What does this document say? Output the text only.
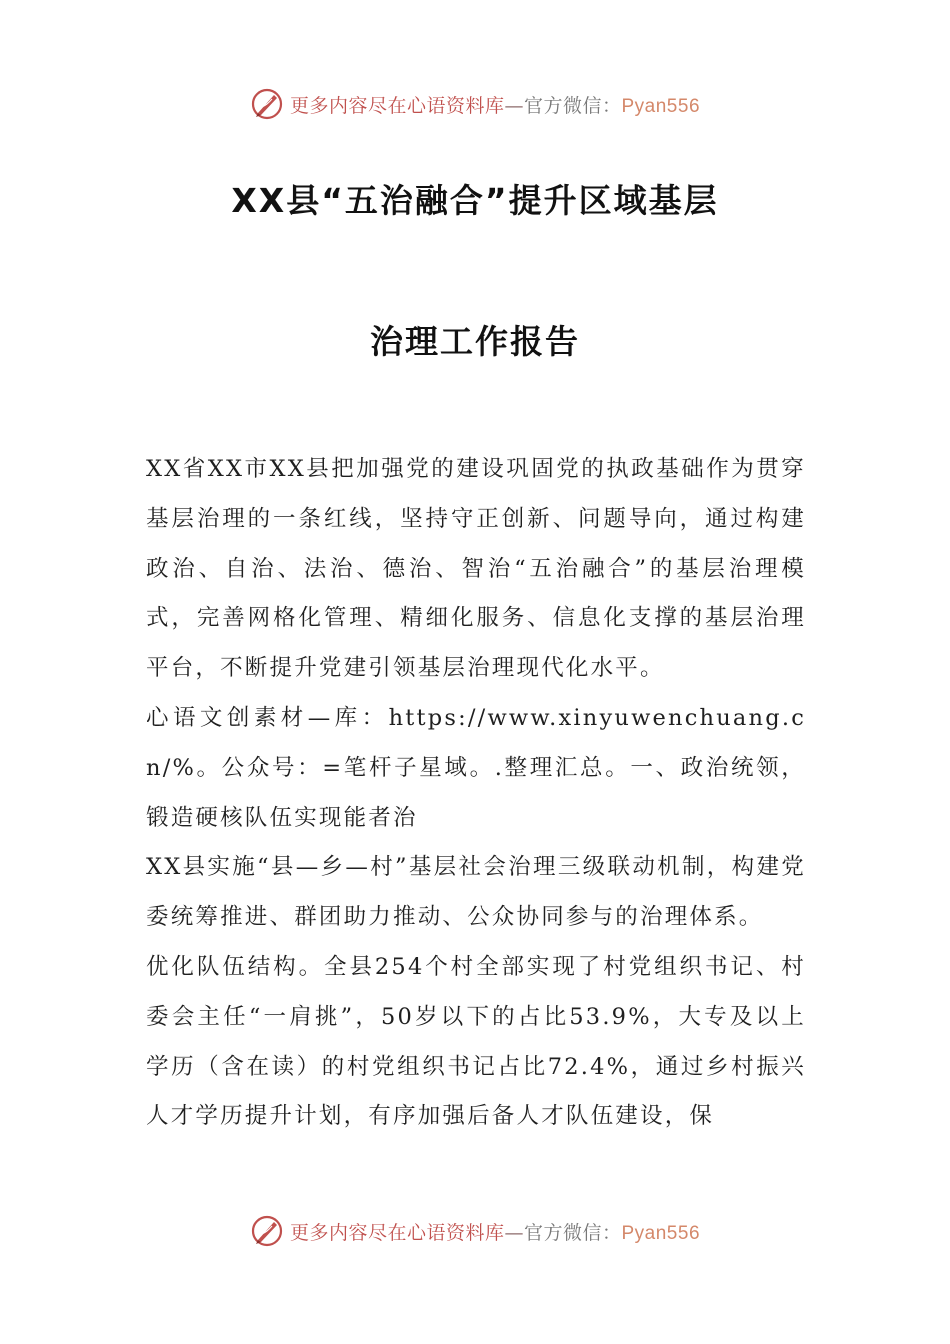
更多内容尽在心语资料库—官方微信：Pyan556
XX县“五治融合”提升区域基层
治理工作报告

XX省XX市XX县把加强党的建设巩固党的执政基础作为贯穿基层治理的一条红线，坚持守正创新、问题导向，通过构建政治、自治、法治、德治、智治“五治融合”的基层治理模式，完善网格化管理、精细化服务、信息化支撑的基层治理平台，不断提升党建引领基层治理现代化水平。

心语文创素材—库：https://www.xinyuwenchuang.cn/%。公众号：=笔杆子星域。.整理汇总。一、政治统领，锻造硬核队伍实现能者治

XX县实施“县—乡—村”基层社会治理三级联动机制，构建党委统筹推进、群团助力推动、公众协同参与的治理体系。

优化队伍结构。全县254个村全部实现了村党组织书记、村委会主任“一肩挑”，50岁以下的占比53.9%，大专及以上学历（含在读）的村党组织书记占比72.4%，通过乡村振兴人才学历提升计划，有序加强后备人才队伍建设，保

更多内容尽在心语资料库—官方微信：Pyan556
